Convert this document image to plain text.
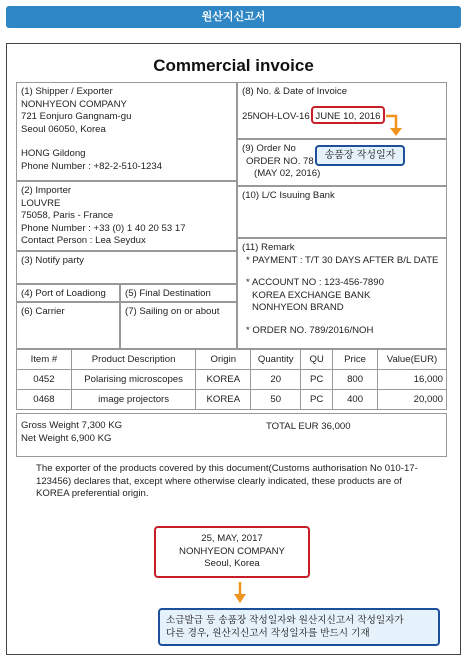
원산지신고서
Commercial invoice
(1) Shipper / Exporter
NONHYEON COMPANY
721 Eonjuro Gangnam-gu
Seoul 06050, Korea
HONG Gildong
Phone Number : +82-2-510-1234
(8) No. & Date of Invoice
25NOH-LOV-16 JUNE 10, 2016
(9) Order No
ORDER NO. 78
(MAY 02, 2016)
(2) Importer
LOUVRE
75058, Paris - France
Phone Number : +33 (0) 1 40 20 53 17
Contact Person : Lea Seydux
(10) L/C Isuuing Bank
(3) Notify party
(11) Remark
* PAYMENT : T/T 30 DAYS AFTER B/L DATE
* ACCOUNT NO : 123-456-7890
KOREA EXCHANGE BANK
NONHYEON BRAND
* ORDER NO. 789/2016/NOH
(4) Port of Loadiong	(5) Final Destination
(6) Carrier	(7) Sailing on or about
Item #	Product Description	Origin	Quantity	QU	Price	Value(EUR)
0452	Polarising microscopes	KOREA	20	PC	800	16,000
0468	image projectors	KOREA	50	PC	400	20,000
Gross Weight 7,300 KG
Net Weight 6,900 KG
TOTAL EUR 36,000
The exporter of the products covered by this document(Customs authorisation No 010-17-123456) declares that, except where otherwise clearly indicated, these products are of KOREA preferential origin.
25, MAY, 2017
NONHYEON COMPANY
Seoul, Korea
송품장 작성일자
소급발급 등 송품장 작성일자와 원산지신고서 작성일자가
다른 경우, 원산지신고서 작성일자를 반드시 기재
